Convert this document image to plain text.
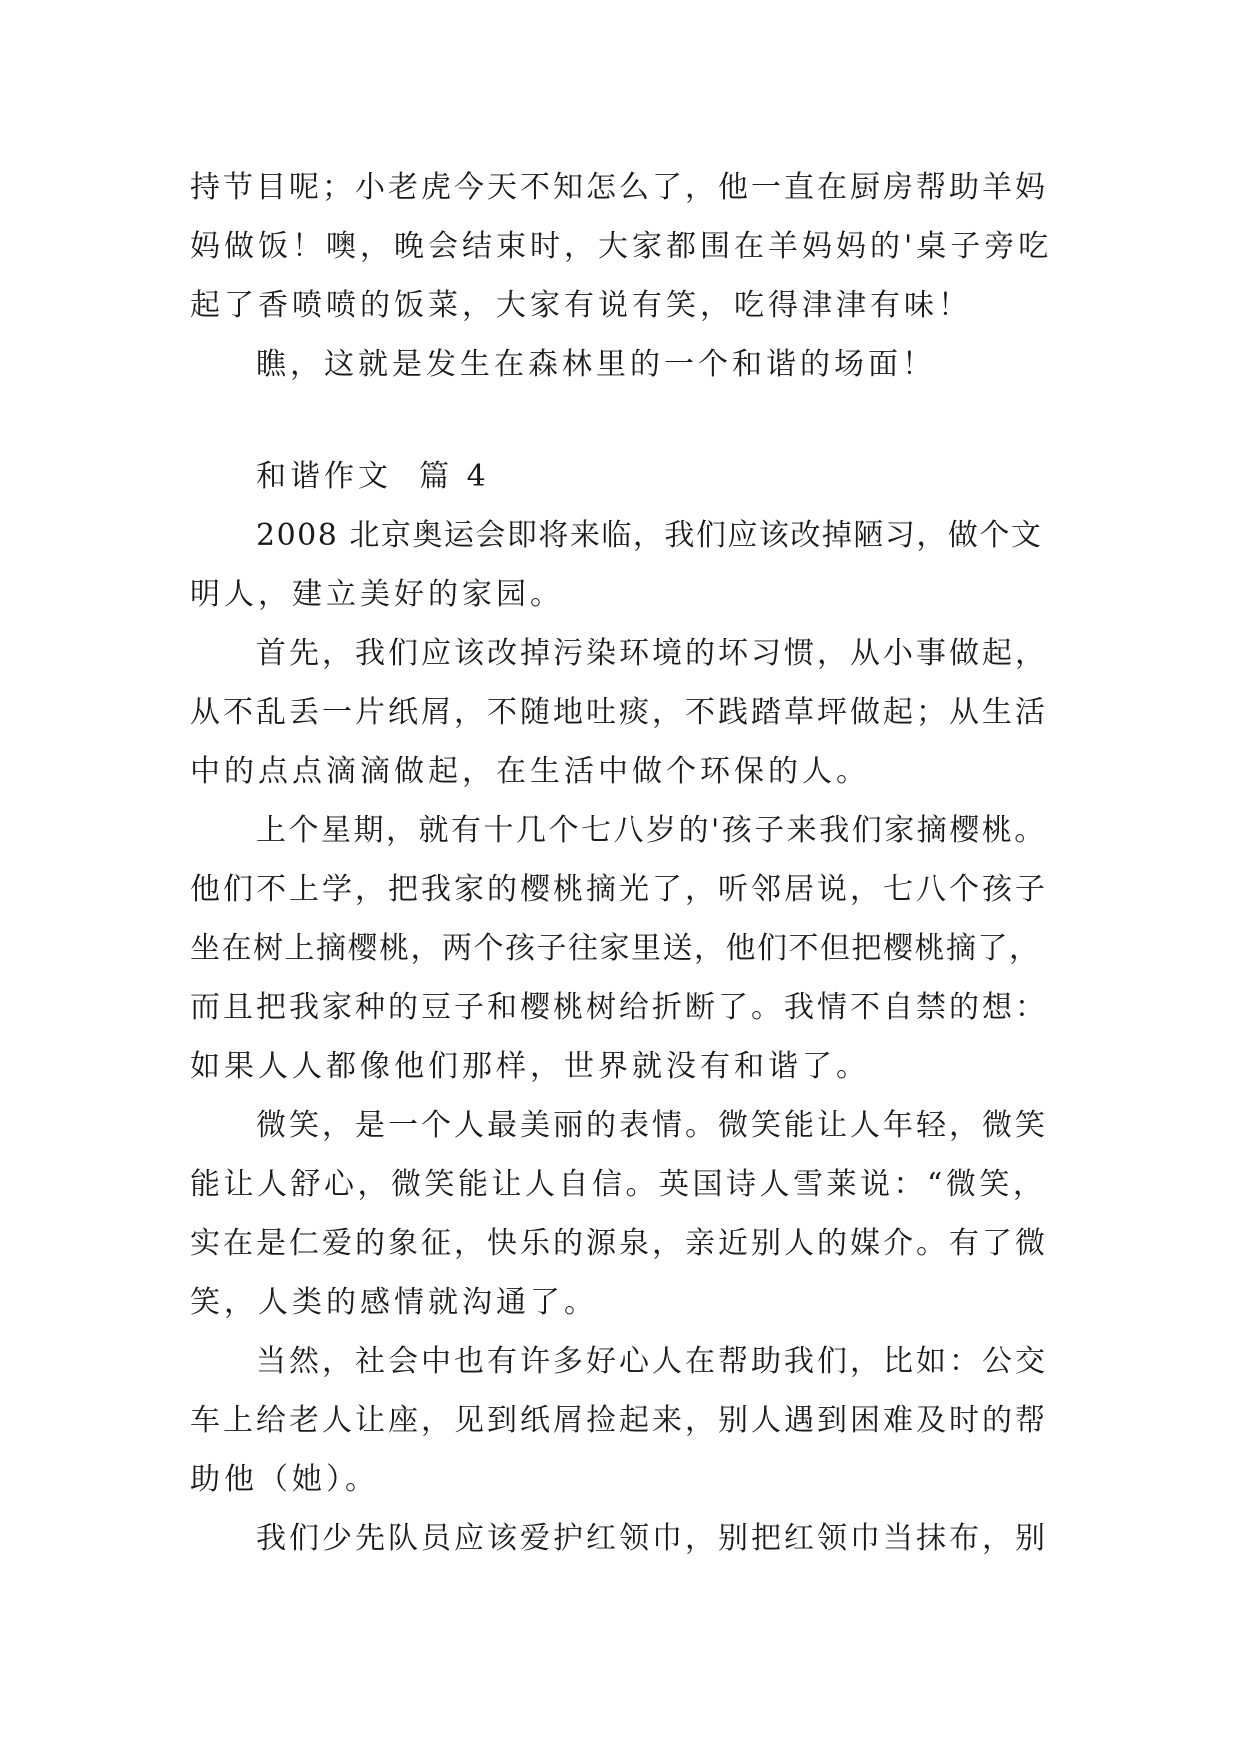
持节目呢；小老虎今天不知怎么了，他一直在厨房帮助羊妈
妈做饭！噢，晚会结束时，大家都围在羊妈妈的'桌子旁吃
起了香喷喷的饭菜，大家有说有笑，吃得津津有味！
瞧，这就是发生在森林里的一个和谐的场面！
和谐作文  篇 4
2008 北京奥运会即将来临，我们应该改掉陋习，做个文
明人，建立美好的家园。
首先，我们应该改掉污染环境的坏习惯，从小事做起，
从不乱丢一片纸屑，不随地吐痰，不践踏草坪做起；从生活
中的点点滴滴做起，在生活中做个环保的人。
上个星期，就有十几个七八岁的'孩子来我们家摘樱桃。
他们不上学，把我家的樱桃摘光了，听邻居说，七八个孩子
坐在树上摘樱桃，两个孩子往家里送，他们不但把樱桃摘了，
而且把我家种的豆子和樱桃树给折断了。我情不自禁的想：
如果人人都像他们那样，世界就没有和谐了。
微笑，是一个人最美丽的表情。微笑能让人年轻，微笑
能让人舒心，微笑能让人自信。英国诗人雪莱说：“微笑，
实在是仁爱的象征，快乐的源泉，亲近别人的媒介。有了微
笑，人类的感情就沟通了。
当然，社会中也有许多好心人在帮助我们，比如：公交
车上给老人让座，见到纸屑捡起来，别人遇到困难及时的帮
助他（她）。
我们少先队员应该爱护红领巾，别把红领巾当抹布，别
